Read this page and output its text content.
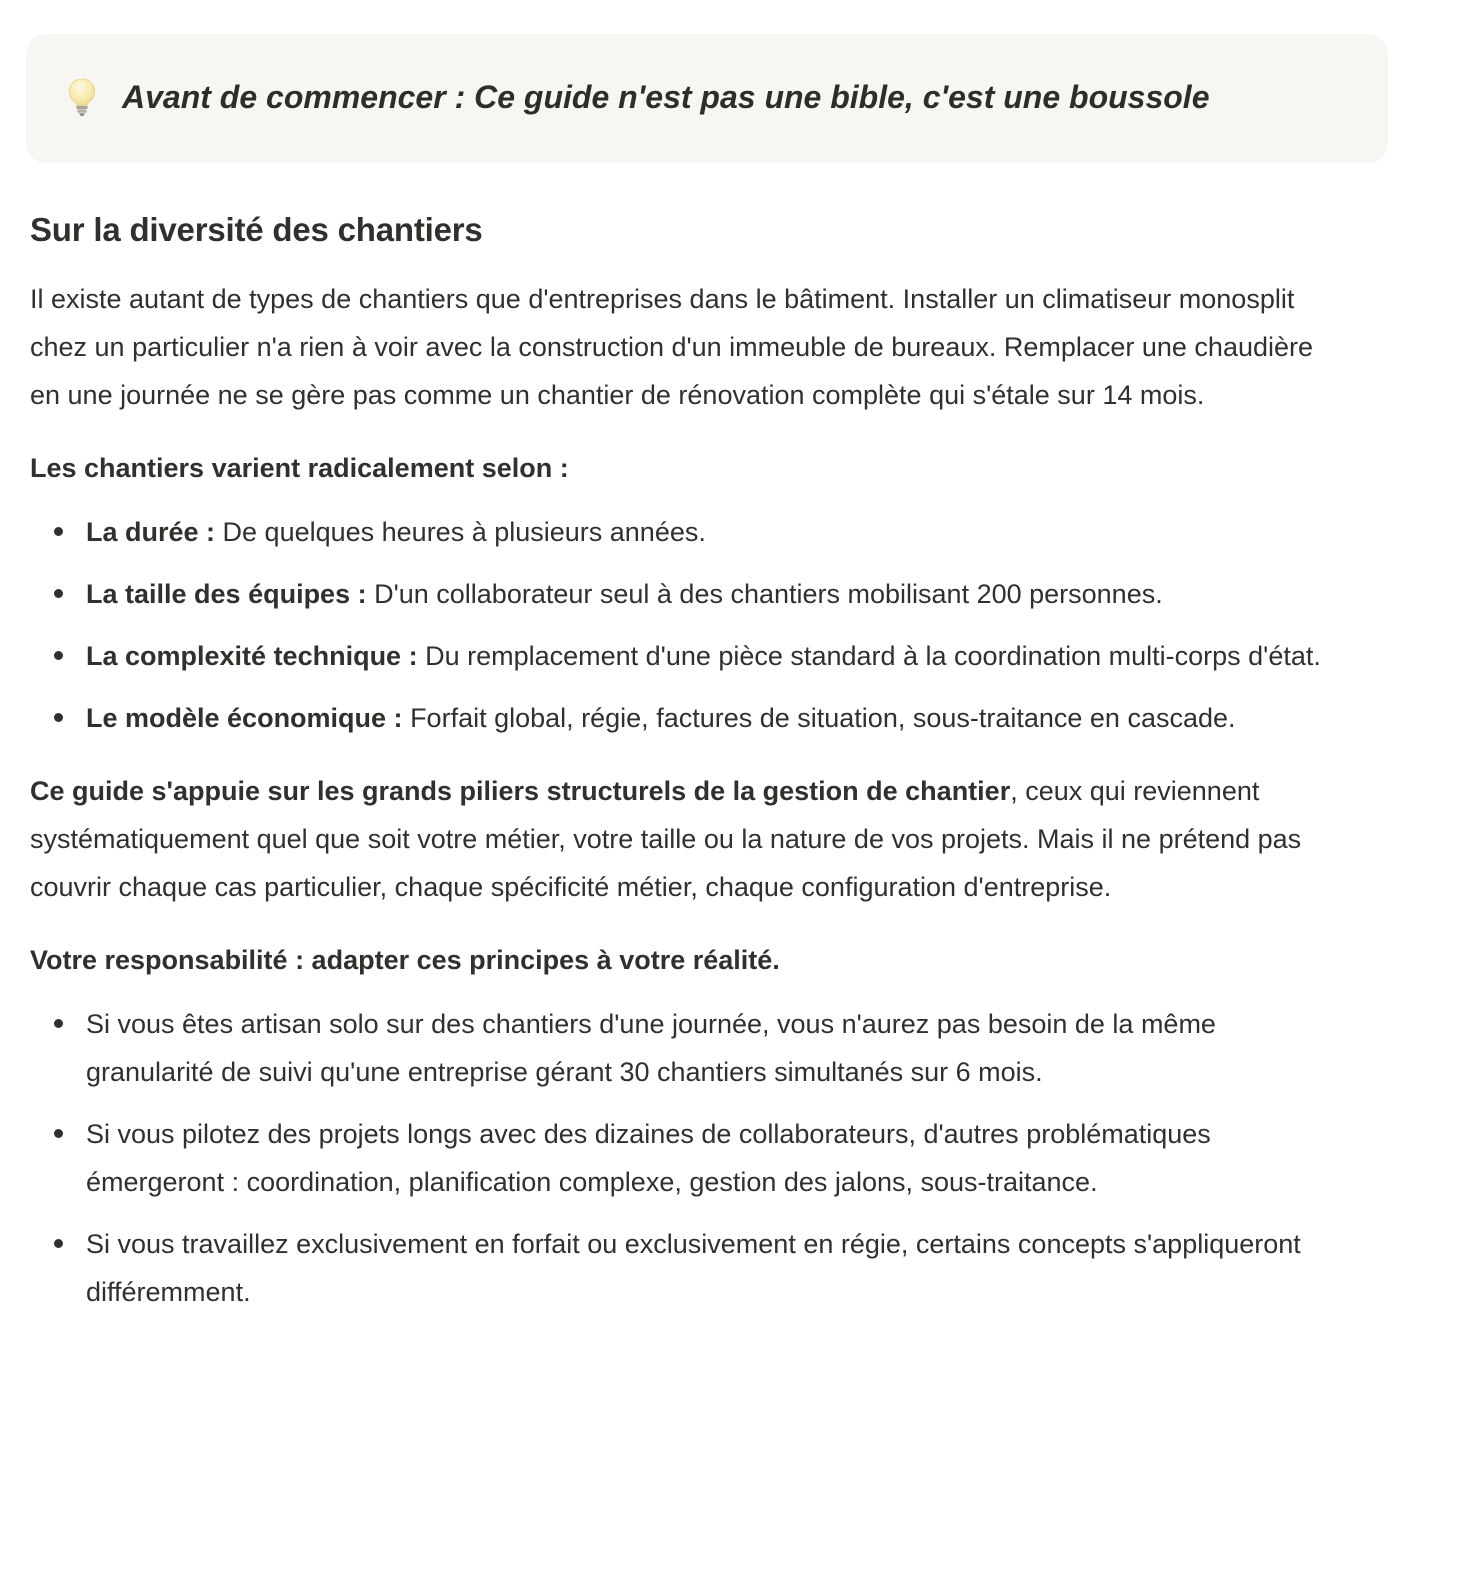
Avant de commencer : Ce guide n'est pas une bible, c'est une boussole
Sur la diversité des chantiers

Il existe autant de types de chantiers que d'entreprises dans le bâtiment. Installer un climatiseur monosplit chez un particulier n'a rien à voir avec la construction d'un immeuble de bureaux. Remplacer une chaudière en une journée ne se gère pas comme un chantier de rénovation complète qui s'étale sur 14 mois.

Les chantiers varient radicalement selon :

La durée : De quelques heures à plusieurs années.
La taille des équipes : D'un collaborateur seul à des chantiers mobilisant 200 personnes.
La complexité technique : Du remplacement d'une pièce standard à la coordination multi-corps d'état.
Le modèle économique : Forfait global, régie, factures de situation, sous-traitance en cascade.

Ce guide s'appuie sur les grands piliers structurels de la gestion de chantier, ceux qui reviennent systématiquement quel que soit votre métier, votre taille ou la nature de vos projets. Mais il ne prétend pas couvrir chaque cas particulier, chaque spécificité métier, chaque configuration d'entreprise.

Votre responsabilité : adapter ces principes à votre réalité.

Si vous êtes artisan solo sur des chantiers d'une journée, vous n'aurez pas besoin de la même granularité de suivi qu'une entreprise gérant 30 chantiers simultanés sur 6 mois.
Si vous pilotez des projets longs avec des dizaines de collaborateurs, d'autres problématiques émergeront : coordination, planification complexe, gestion des jalons, sous-traitance.
Si vous travaillez exclusivement en forfait ou exclusivement en régie, certains concepts s'appliqueront différemment.
